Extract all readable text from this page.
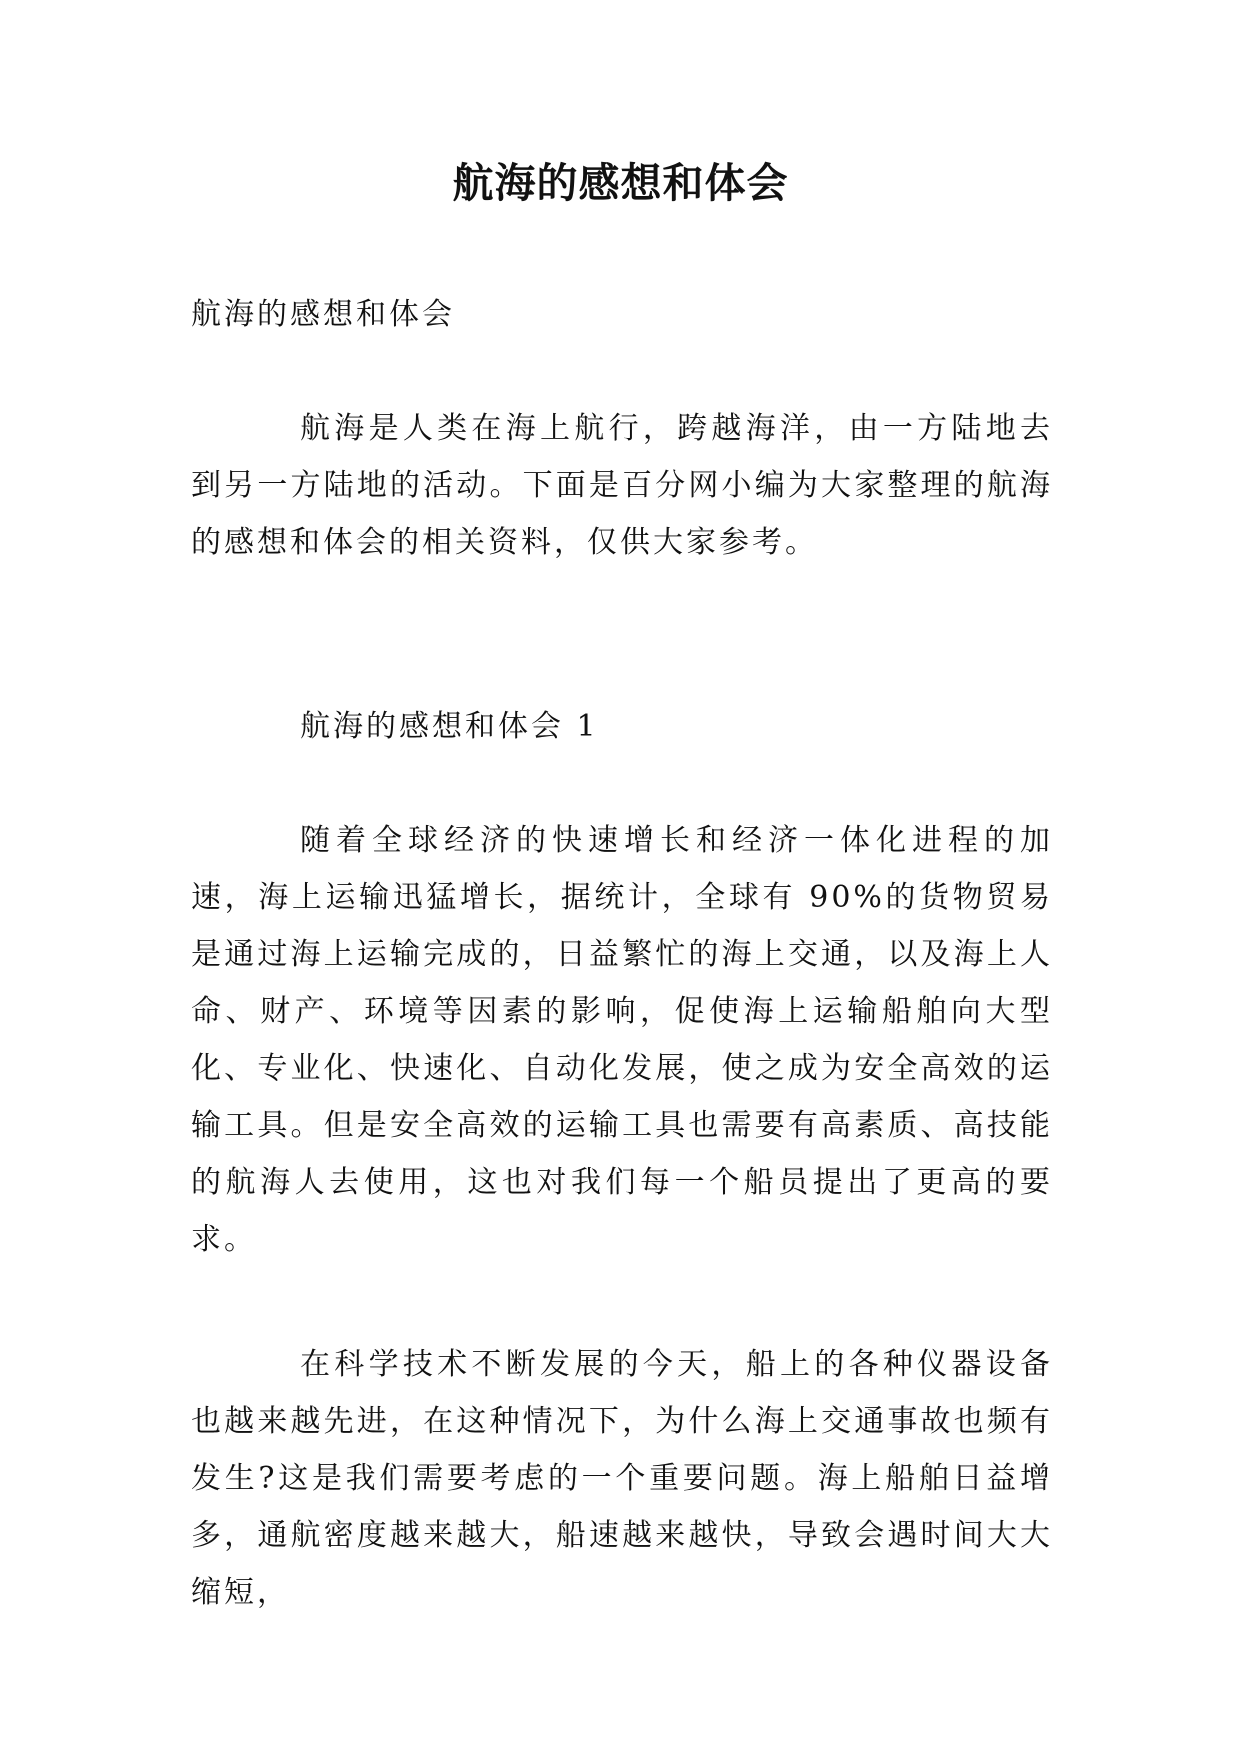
航海的感想和体会

航海的感想和体会

航海是人类在海上航行，跨越海洋，由一方陆地去到另一方陆地的活动。下面是百分网小编为大家整理的航海的感想和体会的相关资料，仅供大家参考。

航海的感想和体会 1

随着全球经济的快速增长和经济一体化进程的加速，海上运输迅猛增长，据统计，全球有 90%的货物贸易是通过海上运输完成的，日益繁忙的海上交通，以及海上人命、财产、环境等因素的影响，促使海上运输船舶向大型化、专业化、快速化、自动化发展，使之成为安全高效的运输工具。但是安全高效的运输工具也需要有高素质、高技能的航海人去使用，这也对我们每一个船员提出了更高的要求。

在科学技术不断发展的今天，船上的各种仪器设备也越来越先进，在这种情况下，为什么海上交通事故也频有发生?这是我们需要考虑的一个重要问题。海上船舶日益增多，通航密度越来越大，船速越来越快，导致会遇时间大大缩短，
